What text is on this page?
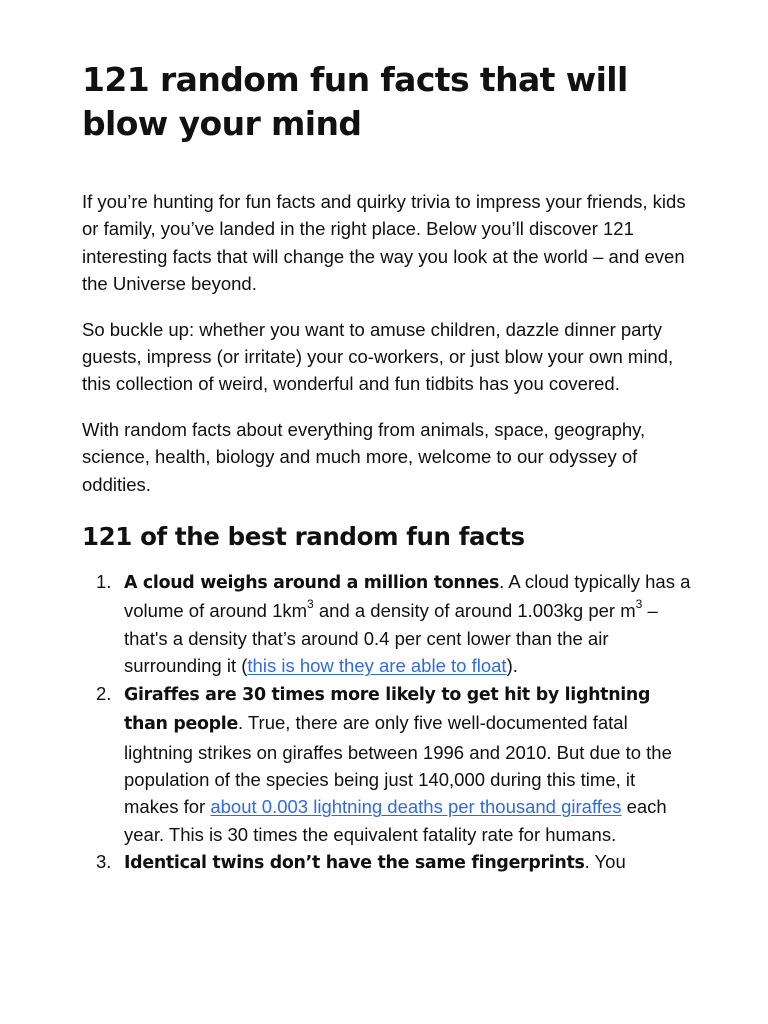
121 random fun facts that will blow your mind

If you’re hunting for fun facts and quirky trivia to impress your friends, kids or family, you’ve landed in the right place. Below you’ll discover 121 interesting facts that will change the way you look at the world – and even the Universe beyond.

So buckle up: whether you want to amuse children, dazzle dinner party guests, impress (or irritate) your co-workers, or just blow your own mind, this collection of weird, wonderful and fun tidbits has you covered.

With random facts about everything from animals, space, geography, science, health, biology and much more, welcome to our odyssey of oddities.

121 of the best random fun facts
1. A cloud weighs around a million tonnes. A cloud typically has a volume of around $1km^3$ and a density of around 1.003kg per $m^3$ – that's a density that’s around 0.4 per cent lower than the air surrounding it (this is how they are able to float).
2. Giraffes are 30 times more likely to get hit by lightning than people. True, there are only five well-documented fatal lightning strikes on giraffes between 1996 and 2010. But due to the population of the species being just 140,000 during this time, it makes for about 0.003 lightning deaths per thousand giraffes each year. This is 30 times the equivalent fatality rate for humans.
3. Identical twins don’t have the same fingerprints. You
